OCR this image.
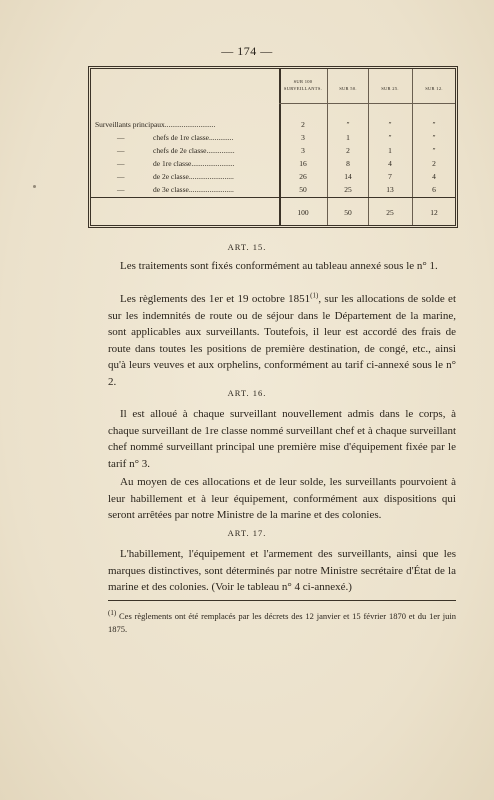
— 174 —
SUR 100 SURVEILLANTS.	SUR 50.	SUR 25.	SUR 12.
Surveillants principaux...........................	2	″	″	″
—	chefs de 1re classe.............	3	1	″	″
—	chefs de 2e classe...............	3	2	1	″
—	de 1re classe.......................	16	8	4	2
—	de 2e classe........................	26	14	7	4
—	de 3e classe........................	50	25	13	6
100	50	25	12
ART. 15.
Les traitements sont fixés conformément au tableau annexé sous le n° 1.
Les règlements des 1er et 19 octobre 1851$^{(1)}$, sur les allocations de solde et sur les indemnités de route ou de séjour dans le Département de la marine, sont applicables aux surveillants. Toutefois, il leur est accordé des frais de route dans toutes les positions de première destination, de congé, etc., ainsi qu'à leurs veuves et aux orphelins, conformément au tarif ci-annexé sous le n° 2.
ART. 16.
Il est alloué à chaque surveillant nouvellement admis dans le corps, à chaque surveillant de 1re classe nommé surveillant chef et à chaque surveillant chef nommé surveillant principal une première mise d'équipement fixée par le tarif n° 3.
Au moyen de ces allocations et de leur solde, les surveillants pourvoient à leur habillement et à leur équipement, conformément aux dispositions qui seront arrêtées par notre Ministre de la marine et des colonies.
ART. 17.
L'habillement, l'équipement et l'armement des surveillants, ainsi que les marques distinctives, sont déterminés par notre Ministre secrétaire d'État de la marine et des colonies. (Voir le tableau n° 4 ci-annexé.)
$^{(1)}$ Ces règlements ont été remplacés par les décrets des 12 janvier et 15 février 1870 et du 1er juin 1875.
